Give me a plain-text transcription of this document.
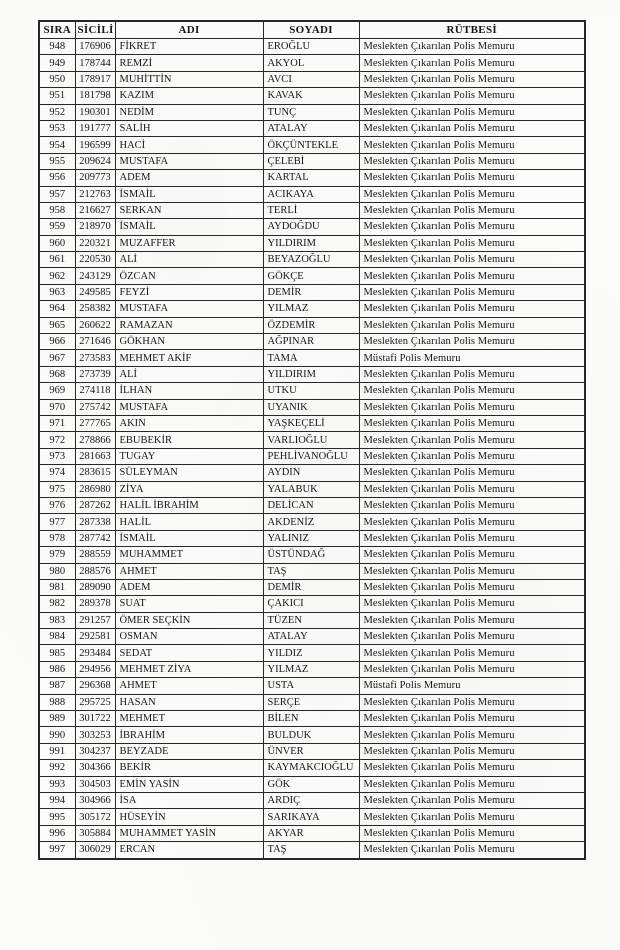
SIRA	SİCİLİ	ADI	SOYADI	RÜTBESİ
948	176906	FİKRET	EROĞLU	Meslekten Çıkarılan Polis Memuru
949	178744	REMZİ	AKYOL	Meslekten Çıkarılan Polis Memuru
950	178917	MUHİTTİN	AVCI	Meslekten Çıkarılan Polis Memuru
951	181798	KAZIM	KAVAK	Meslekten Çıkarılan Polis Memuru
952	190301	NEDİM	TUNÇ	Meslekten Çıkarılan Polis Memuru
953	191777	SALİH	ATALAY	Meslekten Çıkarılan Polis Memuru
954	196599	HACİ	ÖKÇÜNTEKLE	Meslekten Çıkarılan Polis Memuru
955	209624	MUSTAFA	ÇELEBİ	Meslekten Çıkarılan Polis Memuru
956	209773	ADEM	KARTAL	Meslekten Çıkarılan Polis Memuru
957	212763	İSMAİL	ACIKAYA	Meslekten Çıkarılan Polis Memuru
958	216627	SERKAN	TERLİ	Meslekten Çıkarılan Polis Memuru
959	218970	İSMAİL	AYDOĞDU	Meslekten Çıkarılan Polis Memuru
960	220321	MUZAFFER	YILDIRIM	Meslekten Çıkarılan Polis Memuru
961	220530	ALİ	BEYAZOĞLU	Meslekten Çıkarılan Polis Memuru
962	243129	ÖZCAN	GÖKÇE	Meslekten Çıkarılan Polis Memuru
963	249585	FEYZİ	DEMİR	Meslekten Çıkarılan Polis Memuru
964	258382	MUSTAFA	YILMAZ	Meslekten Çıkarılan Polis Memuru
965	260622	RAMAZAN	ÖZDEMİR	Meslekten Çıkarılan Polis Memuru
966	271646	GÖKHAN	AĞPINAR	Meslekten Çıkarılan Polis Memuru
967	273583	MEHMET AKİF	TAMA	Müstafi Polis Memuru
968	273739	ALİ	YILDIRIM	Meslekten Çıkarılan Polis Memuru
969	274118	İLHAN	UTKU	Meslekten Çıkarılan Polis Memuru
970	275742	MUSTAFA	UYANIK	Meslekten Çıkarılan Polis Memuru
971	277765	AKIN	YAŞKEÇELİ	Meslekten Çıkarılan Polis Memuru
972	278866	EBUBEKİR	VARLIOĞLU	Meslekten Çıkarılan Polis Memuru
973	281663	TUGAY	PEHLİVANOĞLU	Meslekten Çıkarılan Polis Memuru
974	283615	SÜLEYMAN	AYDIN	Meslekten Çıkarılan Polis Memuru
975	286980	ZİYA	YALABUK	Meslekten Çıkarılan Polis Memuru
976	287262	HALİL İBRAHİM	DELİCAN	Meslekten Çıkarılan Polis Memuru
977	287338	HALİL	AKDENİZ	Meslekten Çıkarılan Polis Memuru
978	287742	İSMAİL	YALINIZ	Meslekten Çıkarılan Polis Memuru
979	288559	MUHAMMET	ÜSTÜNDAĞ	Meslekten Çıkarılan Polis Memuru
980	288576	AHMET	TAŞ	Meslekten Çıkarılan Polis Memuru
981	289090	ADEM	DEMİR	Meslekten Çıkarılan Polis Memuru
982	289378	SUAT	ÇAKICI	Meslekten Çıkarılan Polis Memuru
983	291257	ÖMER SEÇKİN	TÜZEN	Meslekten Çıkarılan Polis Memuru
984	292581	OSMAN	ATALAY	Meslekten Çıkarılan Polis Memuru
985	293484	SEDAT	YILDIZ	Meslekten Çıkarılan Polis Memuru
986	294956	MEHMET ZİYA	YILMAZ	Meslekten Çıkarılan Polis Memuru
987	296368	AHMET	USTA	Müstafi Polis Memuru
988	295725	HASAN	SERÇE	Meslekten Çıkarılan Polis Memuru
989	301722	MEHMET	BİLEN	Meslekten Çıkarılan Polis Memuru
990	303253	İBRAHİM	BULDUK	Meslekten Çıkarılan Polis Memuru
991	304237	BEYZADE	ÜNVER	Meslekten Çıkarılan Polis Memuru
992	304366	BEKİR	KAYMAKCIOĞLU	Meslekten Çıkarılan Polis Memuru
993	304503	EMİN YASİN	GÖK	Meslekten Çıkarılan Polis Memuru
994	304966	İSA	ARDIÇ	Meslekten Çıkarılan Polis Memuru
995	305172	HÜSEYİN	SARIKAYA	Meslekten Çıkarılan Polis Memuru
996	305884	MUHAMMET YASİN	AKYAR	Meslekten Çıkarılan Polis Memuru
997	306029	ERCAN	TAŞ	Meslekten Çıkarılan Polis Memuru
